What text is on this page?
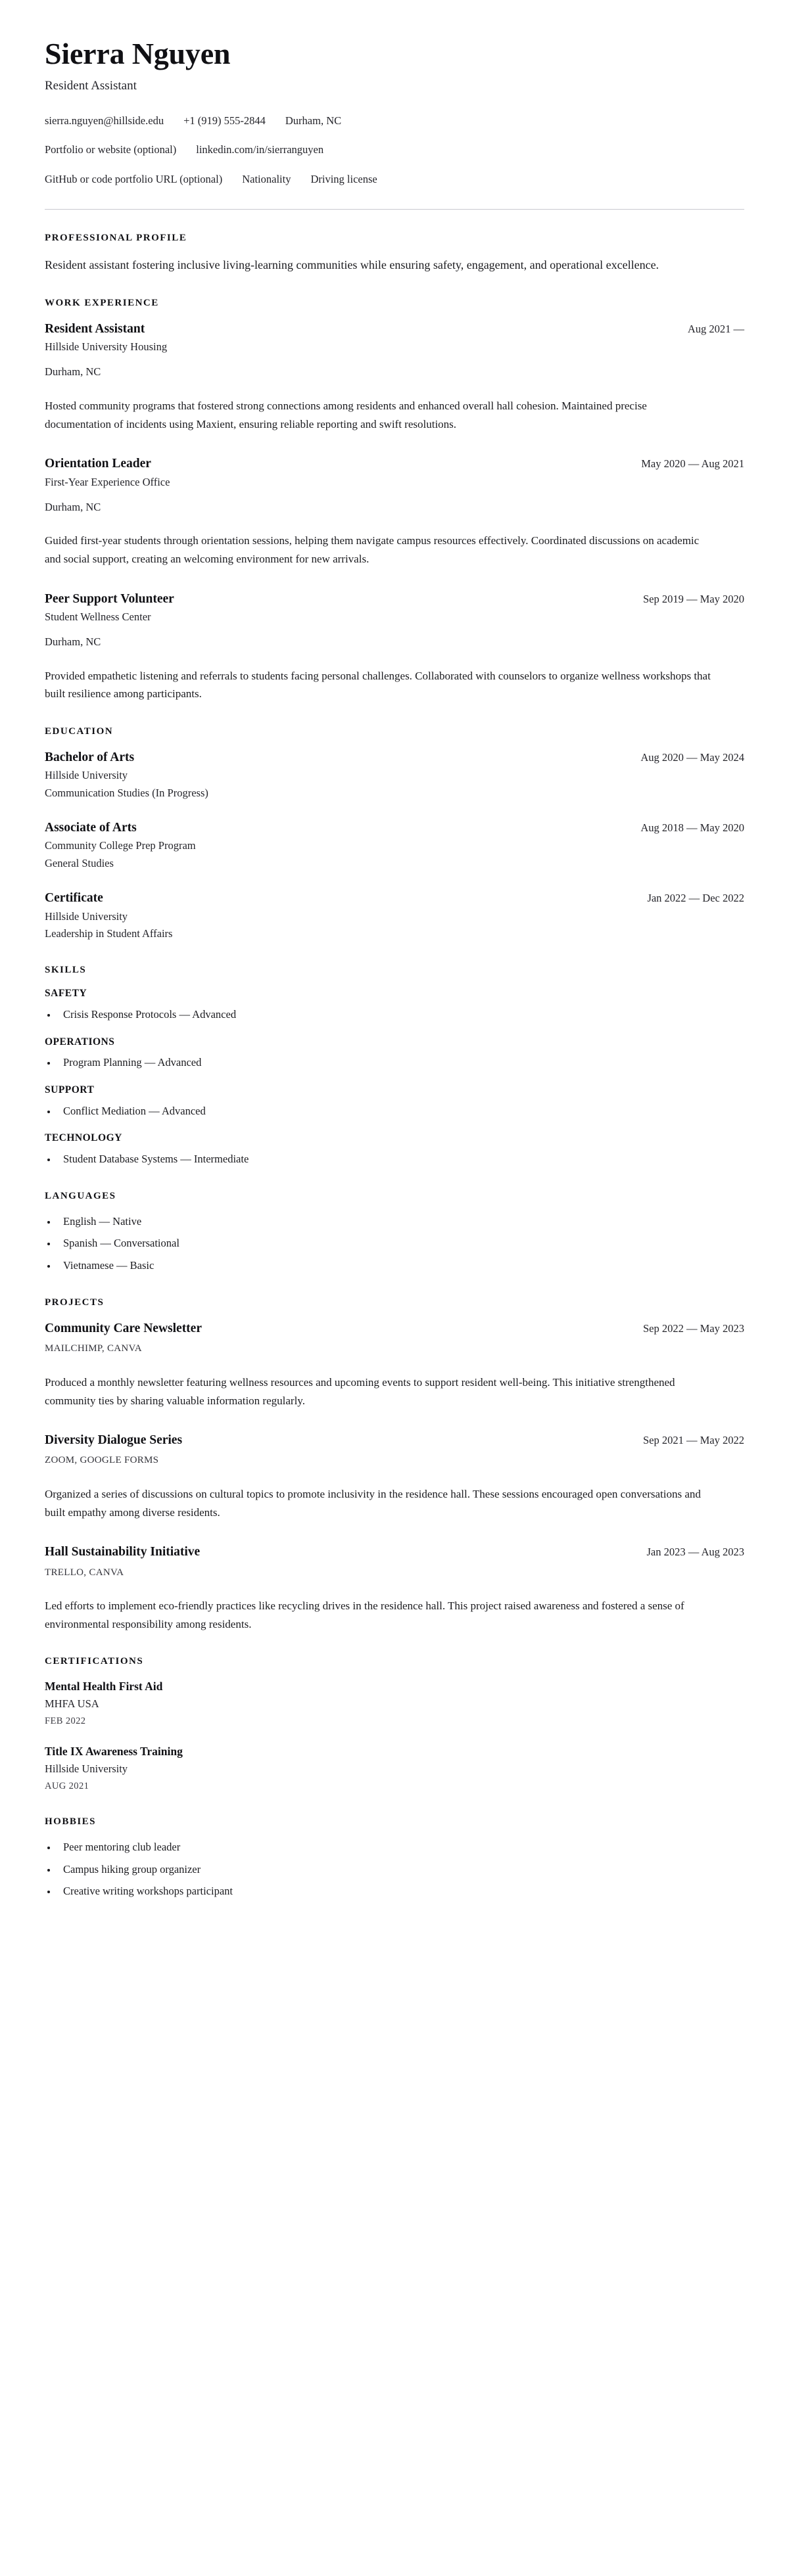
Sierra Nguyen
Resident Assistant
sierra.nguyen@hillside.edu +1 (919) 555-2844 Durham, NC
Portfolio or website (optional) linkedin.com/in/sierranguyen
GitHub or code portfolio URL (optional) Nationality Driving license
PROFESSIONAL PROFILE

Resident assistant fostering inclusive living-learning communities while ensuring safety, engagement, and operational excellence.

WORK EXPERIENCE
Resident Assistant	Aug 2021 —
Hillside University Housing
Durham, NC

Hosted community programs that fostered strong connections among residents and enhanced overall hall cohesion. Maintained precise documentation of incidents using Maxient, ensuring reliable reporting and swift resolutions.

Orientation Leader	May 2020 — Aug 2021
First-Year Experience Office
Durham, NC

Guided first-year students through orientation sessions, helping them navigate campus resources effectively. Coordinated discussions on academic and social support, creating an welcoming environment for new arrivals.

Peer Support Volunteer	Sep 2019 — May 2020
Student Wellness Center
Durham, NC

Provided empathetic listening and referrals to students facing personal challenges. Collaborated with counselors to organize wellness workshops that built resilience among participants.

EDUCATION
Bachelor of Arts	Aug 2020 — May 2024
Hillside University
Communication Studies (In Progress)
Associate of Arts	Aug 2018 — May 2020
Community College Prep Program
General Studies
Certificate	Jan 2022 — Dec 2022
Hillside University
Leadership in Student Affairs
SKILLS
SAFETY
Crisis Response Protocols — Advanced
OPERATIONS
Program Planning — Advanced
SUPPORT
Conflict Mediation — Advanced
TECHNOLOGY
Student Database Systems — Intermediate
LANGUAGES
English — Native
Spanish — Conversational
Vietnamese — Basic
PROJECTS
Community Care Newsletter	Sep 2022 — May 2023
MAILCHIMP, CANVA

Produced a monthly newsletter featuring wellness resources and upcoming events to support resident well-being. This initiative strengthened community ties by sharing valuable information regularly.

Diversity Dialogue Series	Sep 2021 — May 2022
ZOOM, GOOGLE FORMS

Organized a series of discussions on cultural topics to promote inclusivity in the residence hall. These sessions encouraged open conversations and built empathy among diverse residents.

Hall Sustainability Initiative	Jan 2023 — Aug 2023
TRELLO, CANVA

Led efforts to implement eco-friendly practices like recycling drives in the residence hall. This project raised awareness and fostered a sense of environmental responsibility among residents.

CERTIFICATIONS
Mental Health First Aid
MHFA USA
FEB 2022
Title IX Awareness Training
Hillside University
AUG 2021
HOBBIES
Peer mentoring club leader
Campus hiking group organizer
Creative writing workshops participant
